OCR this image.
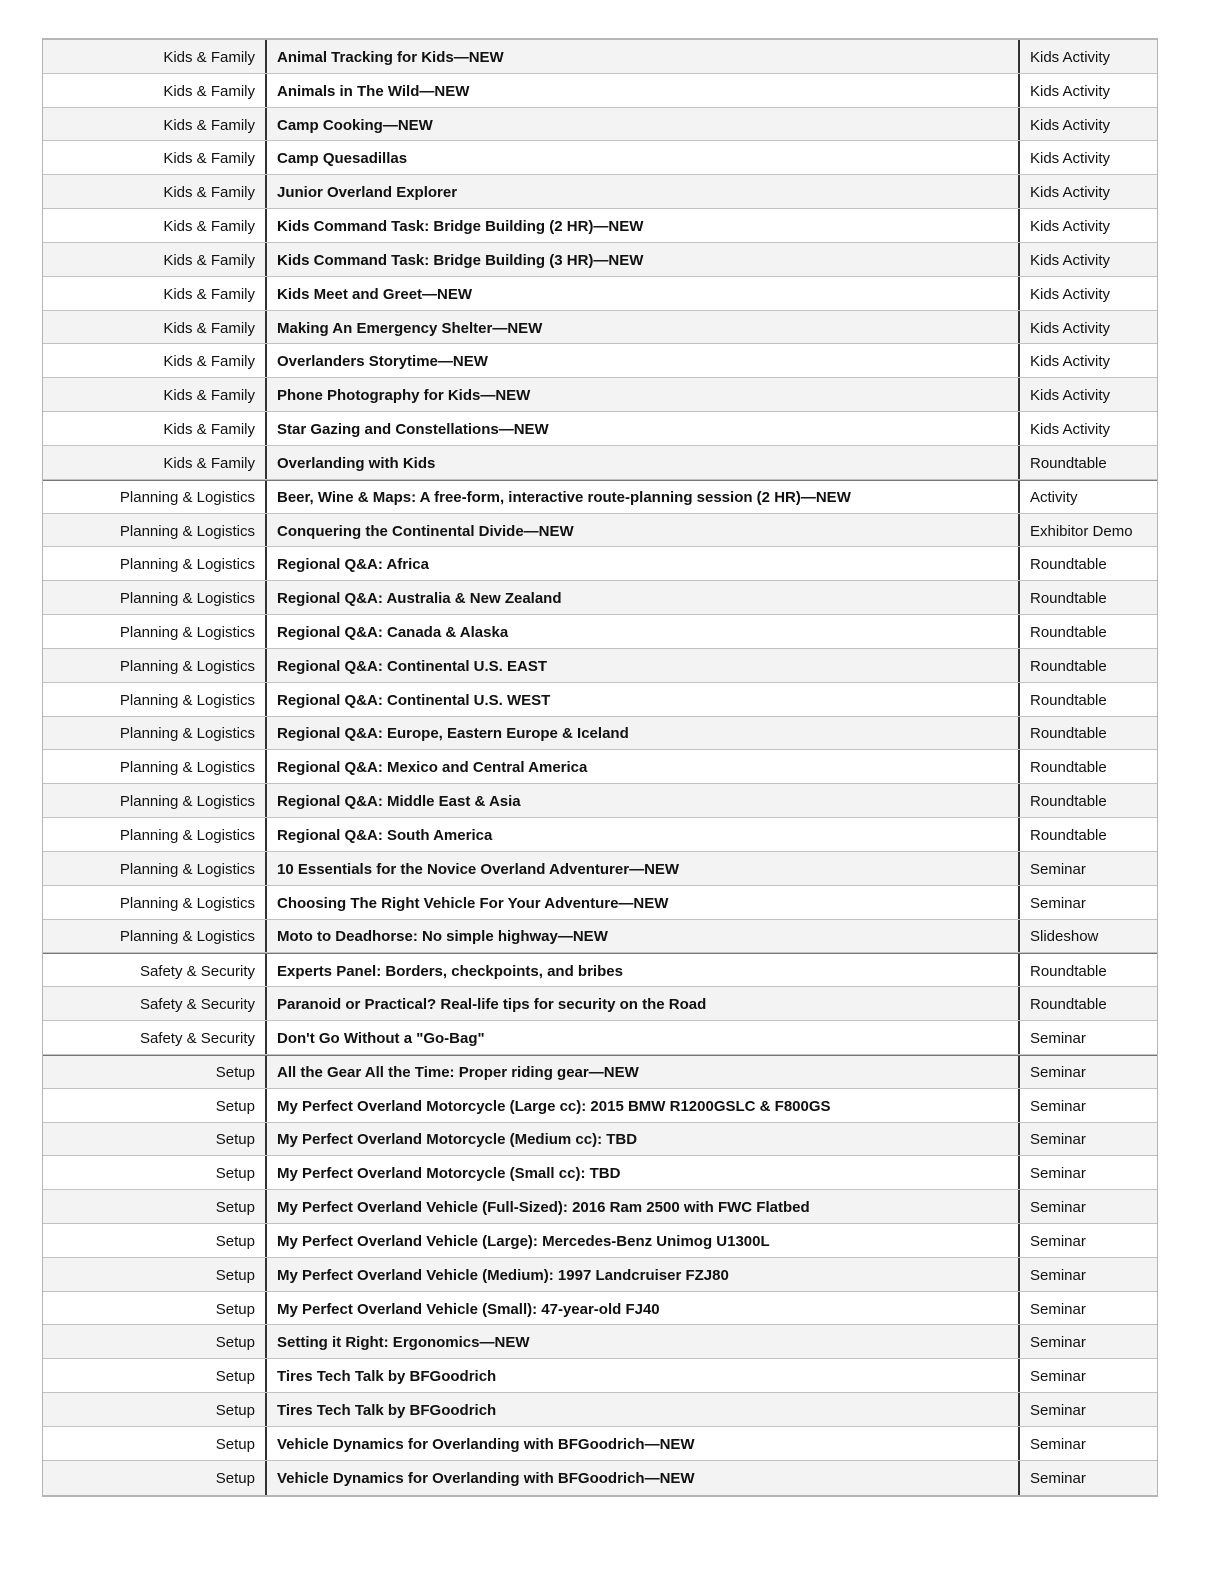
Kids & Family	Animal Tracking for Kids—NEW	Kids Activity
Kids & Family	Animals in The Wild—NEW	Kids Activity
Kids & Family	Camp Cooking—NEW	Kids Activity
Kids & Family	Camp Quesadillas	Kids Activity
Kids & Family	Junior Overland Explorer	Kids Activity
Kids & Family	Kids Command Task: Bridge Building (2 HR)—NEW	Kids Activity
Kids & Family	Kids Command Task: Bridge Building (3 HR)—NEW	Kids Activity
Kids & Family	Kids Meet and Greet—NEW	Kids Activity
Kids & Family	Making An Emergency Shelter—NEW	Kids Activity
Kids & Family	Overlanders Storytime—NEW	Kids Activity
Kids & Family	Phone Photography for Kids—NEW	Kids Activity
Kids & Family	Star Gazing and Constellations—NEW	Kids Activity
Kids & Family	Overlanding with Kids	Roundtable
Planning & Logistics	Beer, Wine & Maps: A free-form, interactive route-planning session (2 HR)—NEW	Activity
Planning & Logistics	Conquering the Continental Divide—NEW	Exhibitor Demo
Planning & Logistics	Regional Q&A: Africa	Roundtable
Planning & Logistics	Regional Q&A: Australia & New Zealand	Roundtable
Planning & Logistics	Regional Q&A: Canada & Alaska	Roundtable
Planning & Logistics	Regional Q&A: Continental U.S. EAST	Roundtable
Planning & Logistics	Regional Q&A: Continental U.S. WEST	Roundtable
Planning & Logistics	Regional Q&A: Europe, Eastern Europe & Iceland	Roundtable
Planning & Logistics	Regional Q&A: Mexico and Central America	Roundtable
Planning & Logistics	Regional Q&A: Middle East & Asia	Roundtable
Planning & Logistics	Regional Q&A: South America	Roundtable
Planning & Logistics	10 Essentials for the Novice Overland Adventurer—NEW	Seminar
Planning & Logistics	Choosing The Right Vehicle For Your Adventure—NEW	Seminar
Planning & Logistics	Moto to Deadhorse: No simple highway—NEW	Slideshow
Safety & Security	Experts Panel: Borders, checkpoints, and bribes	Roundtable
Safety & Security	Paranoid or Practical? Real-life tips for security on the Road	Roundtable
Safety & Security	Don't Go Without a "Go-Bag"	Seminar
Setup	All the Gear All the Time: Proper riding gear—NEW	Seminar
Setup	My Perfect Overland Motorcycle (Large cc): 2015 BMW R1200GSLC & F800GS	Seminar
Setup	My Perfect Overland Motorcycle (Medium cc): TBD	Seminar
Setup	My Perfect Overland Motorcycle (Small cc): TBD	Seminar
Setup	My Perfect Overland Vehicle (Full-Sized): 2016 Ram 2500 with FWC Flatbed	Seminar
Setup	My Perfect Overland Vehicle (Large): Mercedes-Benz Unimog U1300L	Seminar
Setup	My Perfect Overland Vehicle (Medium): 1997 Landcruiser FZJ80	Seminar
Setup	My Perfect Overland Vehicle (Small): 47-year-old FJ40	Seminar
Setup	Setting it Right: Ergonomics—NEW	Seminar
Setup	Tires Tech Talk by BFGoodrich	Seminar
Setup	Tires Tech Talk by BFGoodrich	Seminar
Setup	Vehicle Dynamics for Overlanding with BFGoodrich—NEW	Seminar
Setup	Vehicle Dynamics for Overlanding with BFGoodrich—NEW	Seminar
